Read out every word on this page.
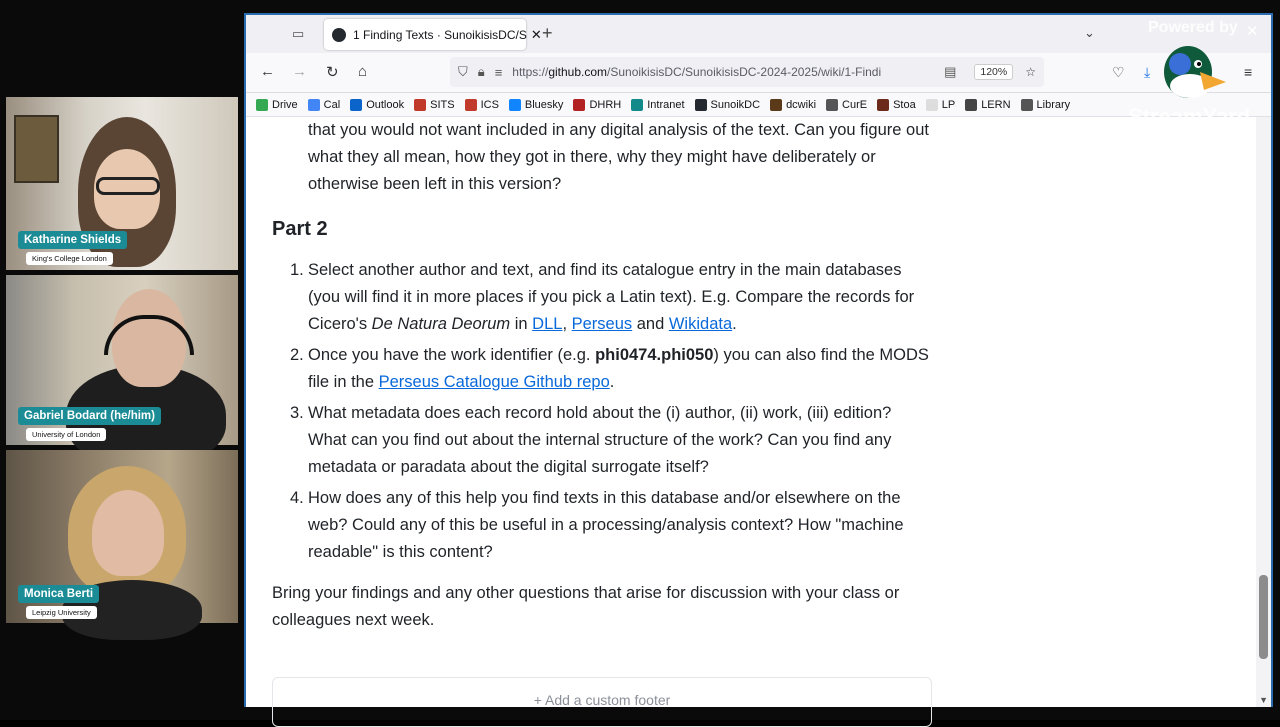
Katharine Shields
King's College London
Gabriel Bodard (he/him)
University of London
Monica Berti
Leipzig University
▭	1 Finding Texts · SunoikisisDC/S ✕ +	⌄
← → ↻ ⌂	⛉ 🔒︎ ≡ https://github.com/SunoikisisDC/SunoikisisDC-2024-2025/wiki/1-Findi	▤	120%	☆	♡ ⤓	≡
Drive Cal Outlook SITS ICS Bluesky DHRH Intranet SunoikDC dcwiki CurE Stoa LP LERN Library

that you would not want included in any digital analysis of the text. Can you figure out what they all mean, how they got in there, why they might have deliberately or otherwise been left in this version?

Part 2
1. Select another author and text, and find its catalogue entry in the main databases (you will find it in more places if you pick a Latin text). E.g. Compare the records for Cicero's De Natura Deorum in DLL, Perseus and Wikidata.
2. Once you have the work identifier (e.g. phi0474.phi050) you can also find the MODS file in the Perseus Catalogue Github repo.
3. What metadata does each record hold about the (i) author, (ii) work, (iii) edition? What can you find out about the internal structure of the work? Can you find any metadata or paradata about the digital surrogate itself?
4. How does any of this help you find texts in this database and/or elsewhere on the web? Could any of this be useful in a processing/analysis context? How "machine readable" is this content?

Bring your findings and any other questions that arise for discussion with your class or colleagues next week.

+ Add a custom footer	▼
Powered by
StreamYard
✕
